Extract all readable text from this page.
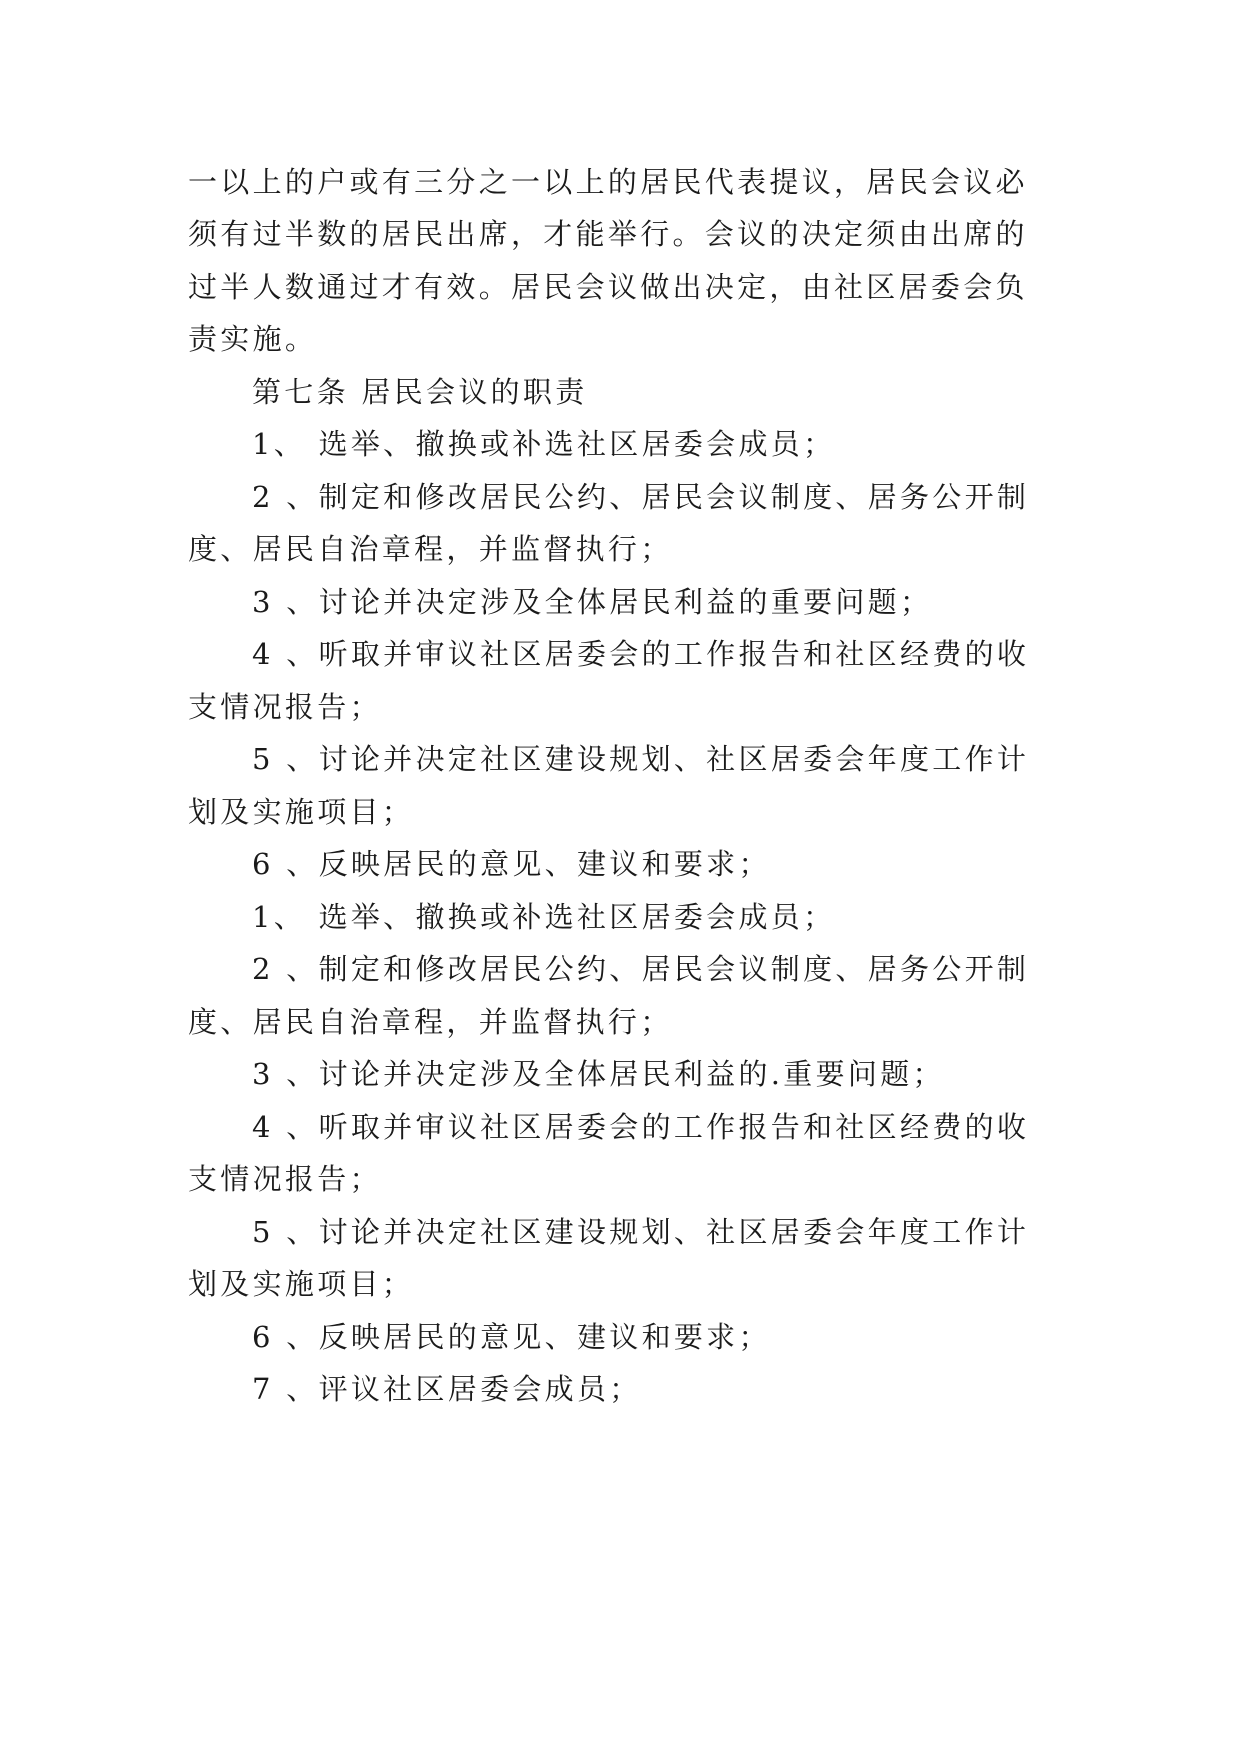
一以上的户或有三分之一以上的居民代表提议，居民会议必
须有过半数的居民出席，才能举行。会议的决定须由出席的
过半人数通过才有效。居民会议做出决定，由社区居委会负
责实施。
第七条 居民会议的职责
1、 选举、撤换或补选社区居委会成员；
2 、制定和修改居民公约、居民会议制度、居务公开制
度、居民自治章程，并监督执行；
3 、讨论并决定涉及全体居民利益的重要问题；
4 、听取并审议社区居委会的工作报告和社区经费的收
支情况报告；
5 、讨论并决定社区建设规划、社区居委会年度工作计
划及实施项目；
6 、反映居民的意见、建议和要求；
1、 选举、撤换或补选社区居委会成员；
2 、制定和修改居民公约、居民会议制度、居务公开制
度、居民自治章程，并监督执行；
3 、讨论并决定涉及全体居民利益的.重要问题；
4 、听取并审议社区居委会的工作报告和社区经费的收
支情况报告；
5 、讨论并决定社区建设规划、社区居委会年度工作计
划及实施项目；
6 、反映居民的意见、建议和要求；
7 、评议社区居委会成员；
